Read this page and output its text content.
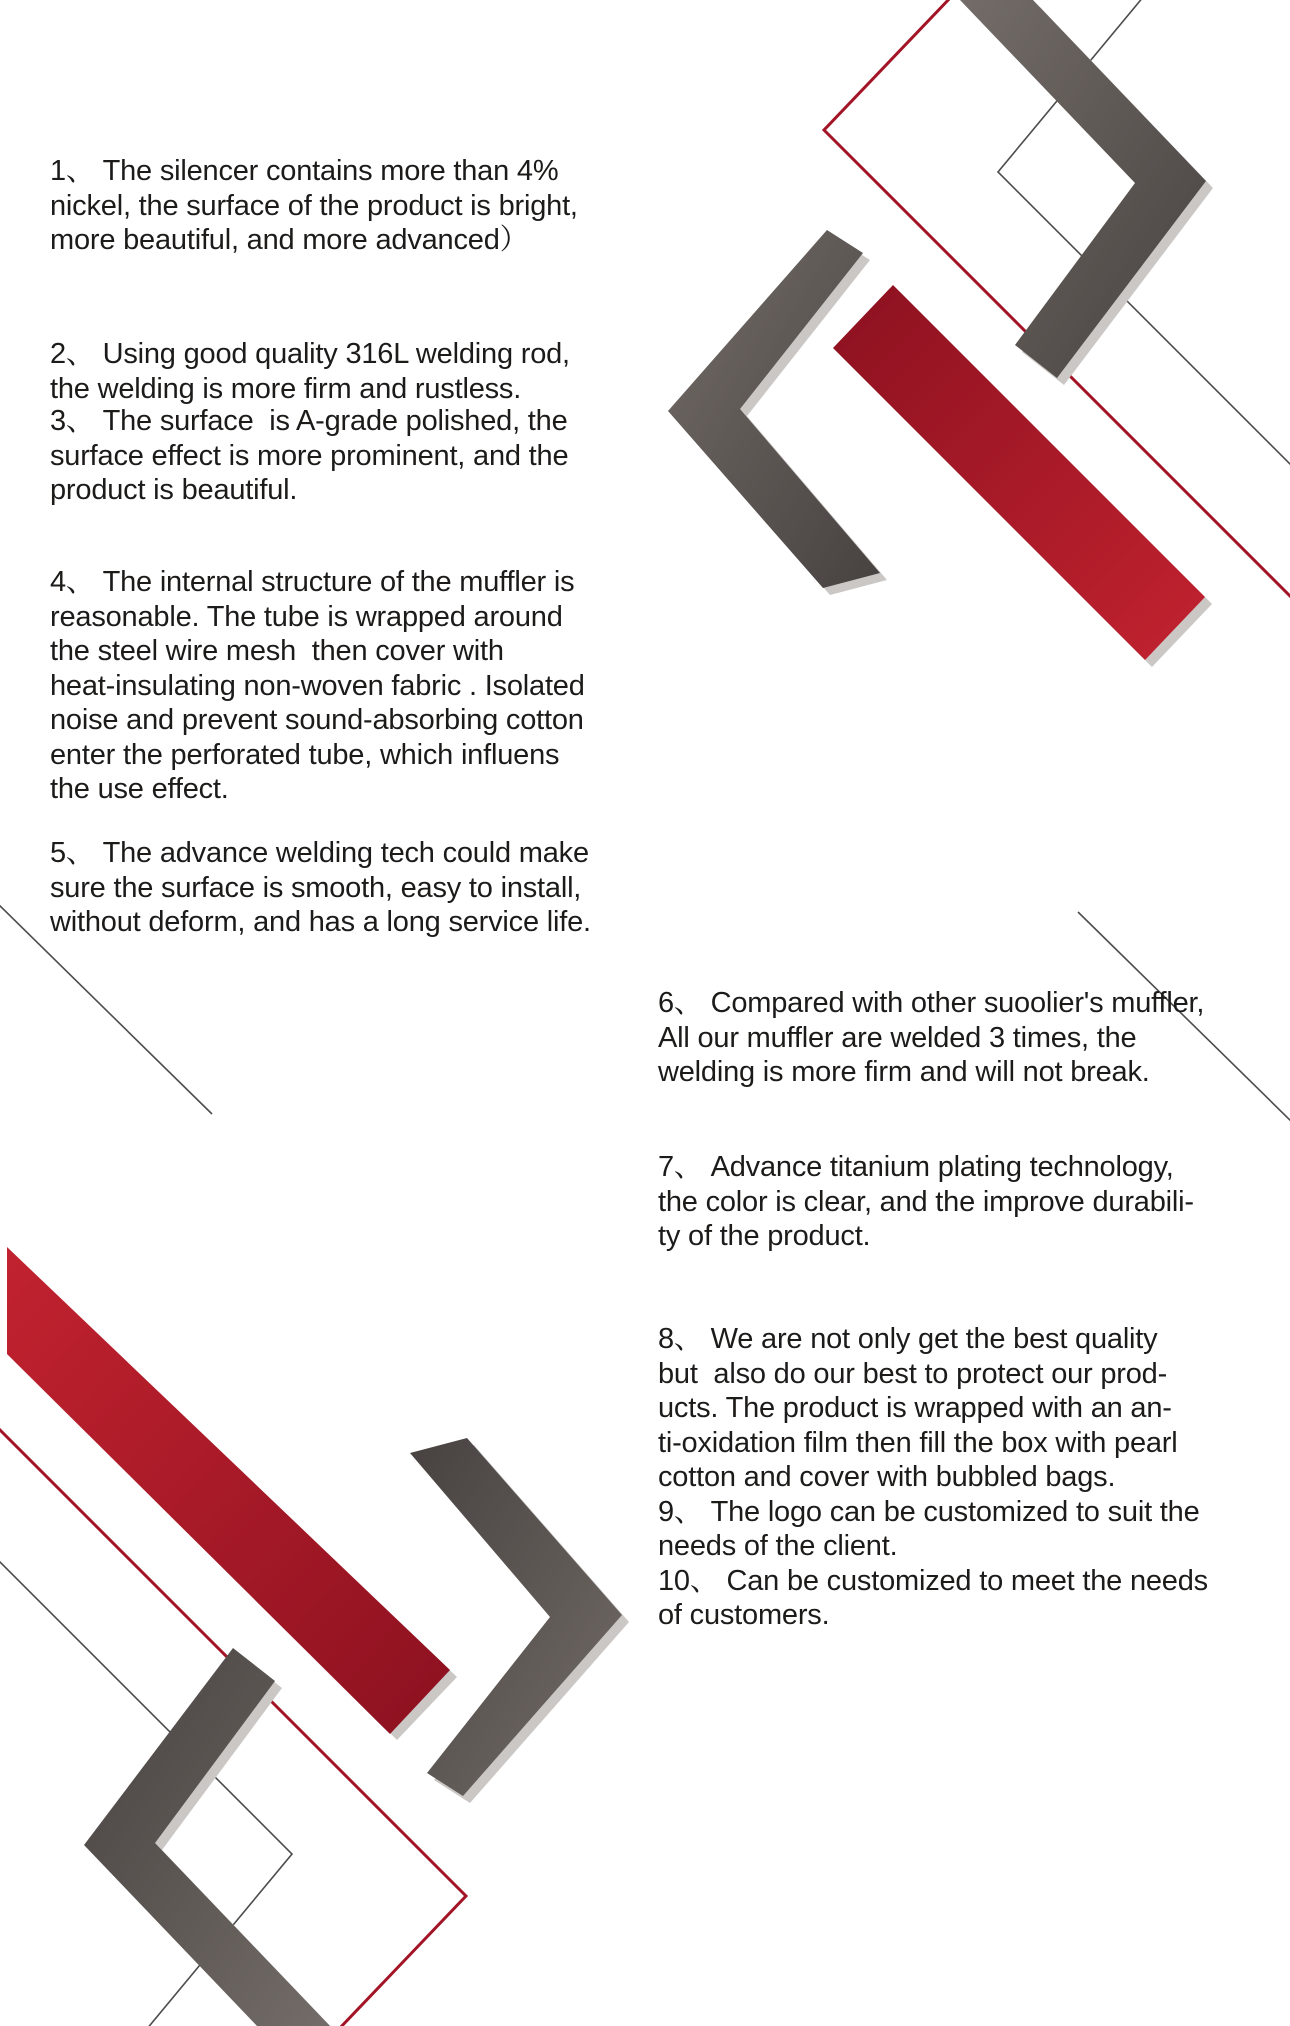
1、 The silencer contains more than 4%
nickel, the surface of the product is bright,
more beautiful, and more advanced）
2、 Using good quality 316L welding rod,
the welding is more firm and rustless.
3、 The surface  is A-grade polished, the
surface effect is more prominent, and the
product is beautiful.
4、 The internal structure of the muffler is
reasonable. The tube is wrapped around
the steel wire mesh  then cover with
heat-insulating non-woven fabric . Isolated
noise and prevent sound-absorbing cotton
enter the perforated tube, which influens
the use effect.
5、 The advance welding tech could make
sure the surface is smooth, easy to install,
without deform, and has a long service life.
6、 Compared with other suoolier's muffler,
All our muffler are welded 3 times, the
welding is more firm and will not break.
7、 Advance titanium plating technology,
the color is clear, and the improve durabili-
ty of the product.
8、 We are not only get the best quality
but  also do our best to protect our prod-
ucts. The product is wrapped with an an-
ti-oxidation film then fill the box with pearl
cotton and cover with bubbled bags.
9、 The logo can be customized to suit the
needs of the client.
10、 Can be customized to meet the needs
of customers.
